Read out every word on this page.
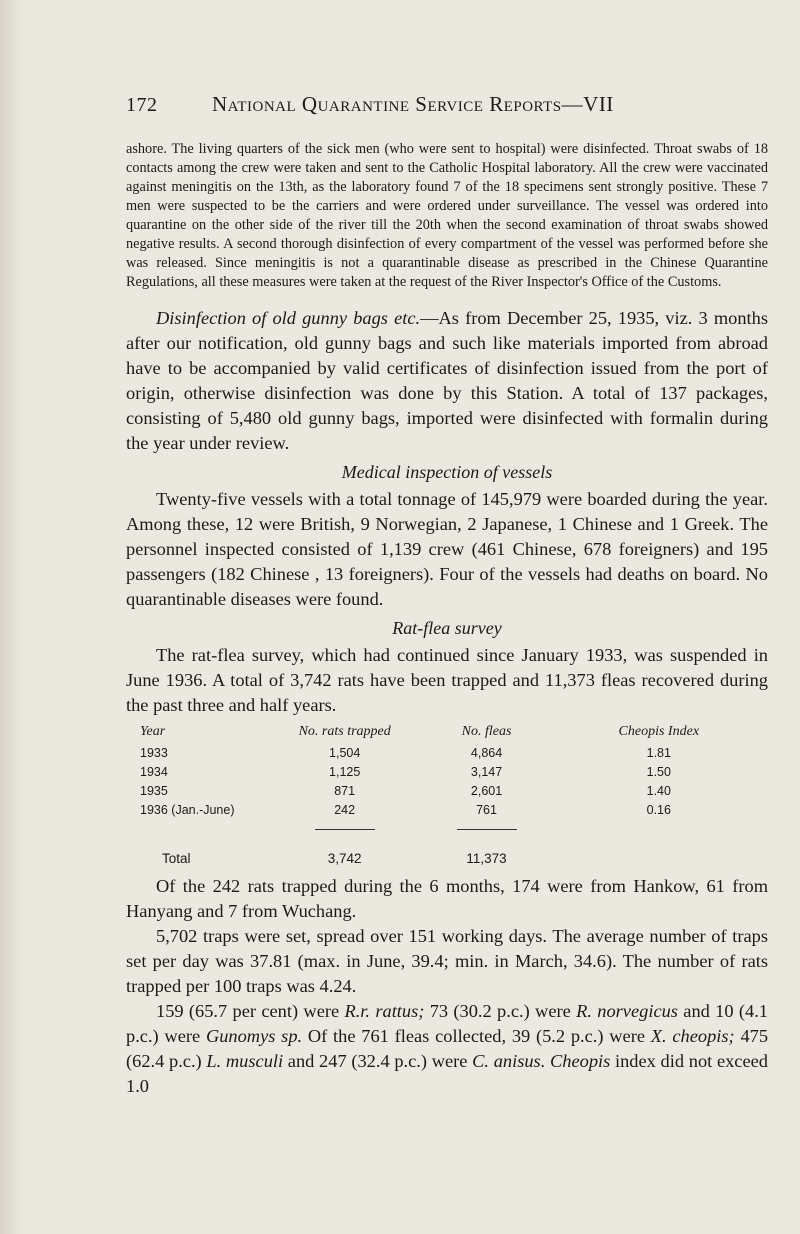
172	National Quarantine Service Reports—VII

ashore. The living quarters of the sick men (who were sent to hospital) were disinfected. Throat swabs of 18 contacts among the crew were taken and sent to the Catholic Hospital laboratory. All the crew were vaccinated against meningitis on the 13th, as the laboratory found 7 of the 18 specimens sent strongly positive. These 7 men were suspected to be the carriers and were ordered under surveillance. The vessel was ordered into quarantine on the other side of the river till the 20th when the second examination of throat swabs showed negative results. A second thorough disinfection of every compartment of the vessel was performed before she was released. Since meningitis is not a quarantinable disease as prescribed in the Chinese Quarantine Regulations, all these measures were taken at the request of the River Inspector's Office of the Customs.

Disinfection of old gunny bags etc.—As from December 25, 1935, viz. 3 months after our notification, old gunny bags and such like materials imported from abroad have to be accompanied by valid certificates of disinfection issued from the port of origin, otherwise disinfection was done by this Station. A total of 137 packages, consisting of 5,480 old gunny bags, imported were disinfected with formalin during the year under review.

Medical inspection of vessels

Twenty-five vessels with a total tonnage of 145,979 were boarded during the year. Among these, 12 were British, 9 Norwegian, 2 Japanese, 1 Chinese and 1 Greek. The personnel inspected consisted of 1,139 crew (461 Chinese, 678 foreigners) and 195 passengers (182 Chinese , 13 foreigners). Four of the vessels had deaths on board. No quarantinable diseases were found.

Rat-flea survey

The rat-flea survey, which had continued since January 1933, was suspended in June 1936. A total of 3,742 rats have been trapped and 11,373 fleas recovered during the past three and half years.

Year	No. rats trapped	No. fleas	Cheopis Index
1933	1,504	4,864	1.81
1934	1,125	3,147	1.50
1935	871	2,601	1.40
1936 (Jan.-June)	242	761	0.16

Total	3,742	11,373	

Of the 242 rats trapped during the 6 months, 174 were from Hankow, 61 from Hanyang and 7 from Wuchang.

5,702 traps were set, spread over 151 working days. The average number of traps set per day was 37.81 (max. in June, 39.4; min. in March, 34.6). The number of rats trapped per 100 traps was 4.24.

159 (65.7 per cent) were R.r. rattus; 73 (30.2 p.c.) were R. norvegicus and 10 (4.1 p.c.) were Gunomys sp. Of the 761 fleas collected, 39 (5.2 p.c.) were X. cheopis; 475 (62.4 p.c.) L. musculi and 247 (32.4 p.c.) were C. anisus. Cheopis index did not exceed 1.0
